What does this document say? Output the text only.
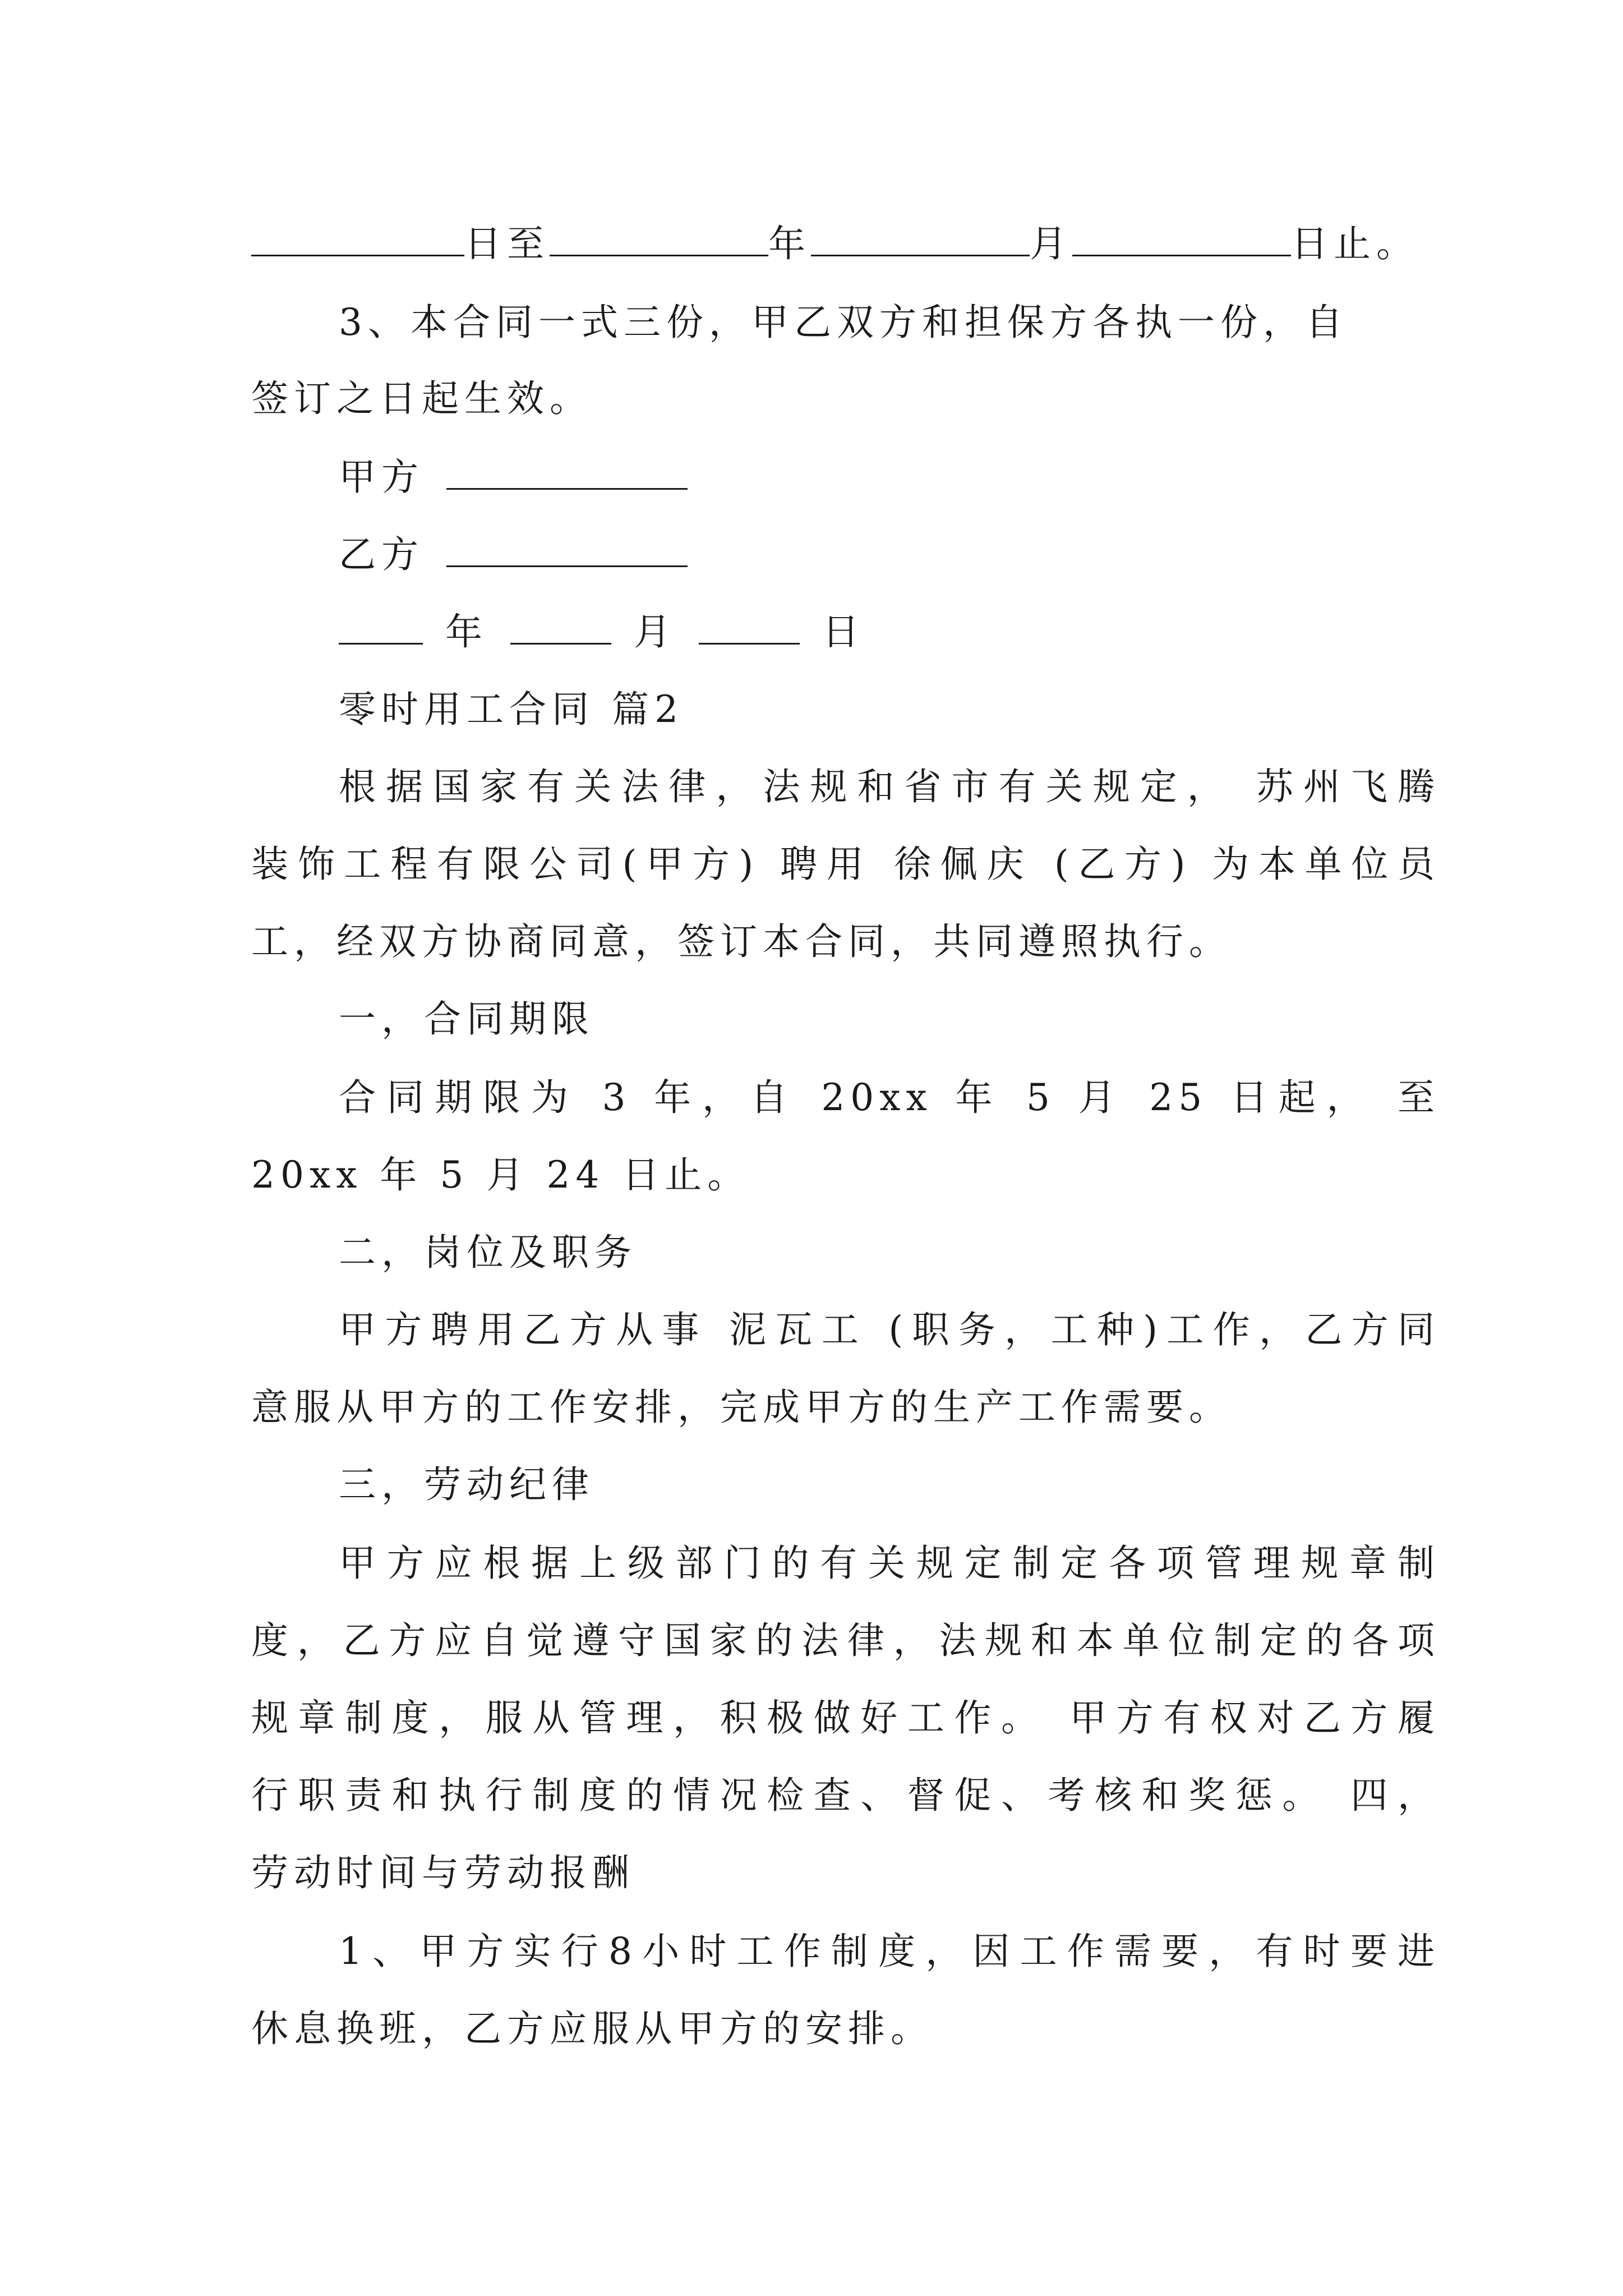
日至	年	月	日止。
3、本合同一式三份，甲乙双方和担保方各执一份，自
签订之日起生效。
甲方
乙方
年	月	日
零时用工合同 篇2
根据国家有关法律，法规和省市有关规定， 苏州飞腾
装饰工程有限公司(甲方) 聘用 徐佩庆 (乙方) 为本单位员
工，经双方协商同意，签订本合同，共同遵照执行。
一，合同期限
合同期限为 3 年，自 20xx 年 5 月 25 日起， 至
20xx 年 5 月 24 日止。
二，岗位及职务
甲方聘用乙方从事 泥瓦工 (职务，工种)工作，乙方同
意服从甲方的工作安排，完成甲方的生产工作需要。
三，劳动纪律
甲方应根据上级部门的有关规定制定各项管理规章制
度，乙方应自觉遵守国家的法律，法规和本单位制定的各项
规章制度，服从管理，积极做好工作。 甲方有权对乙方履
行职责和执行制度的情况检查、督促、考核和奖惩。 四，
劳动时间与劳动报酬
1、甲方实行8小时工作制度，因工作需要，有时要进
休息换班，乙方应服从甲方的安排。
